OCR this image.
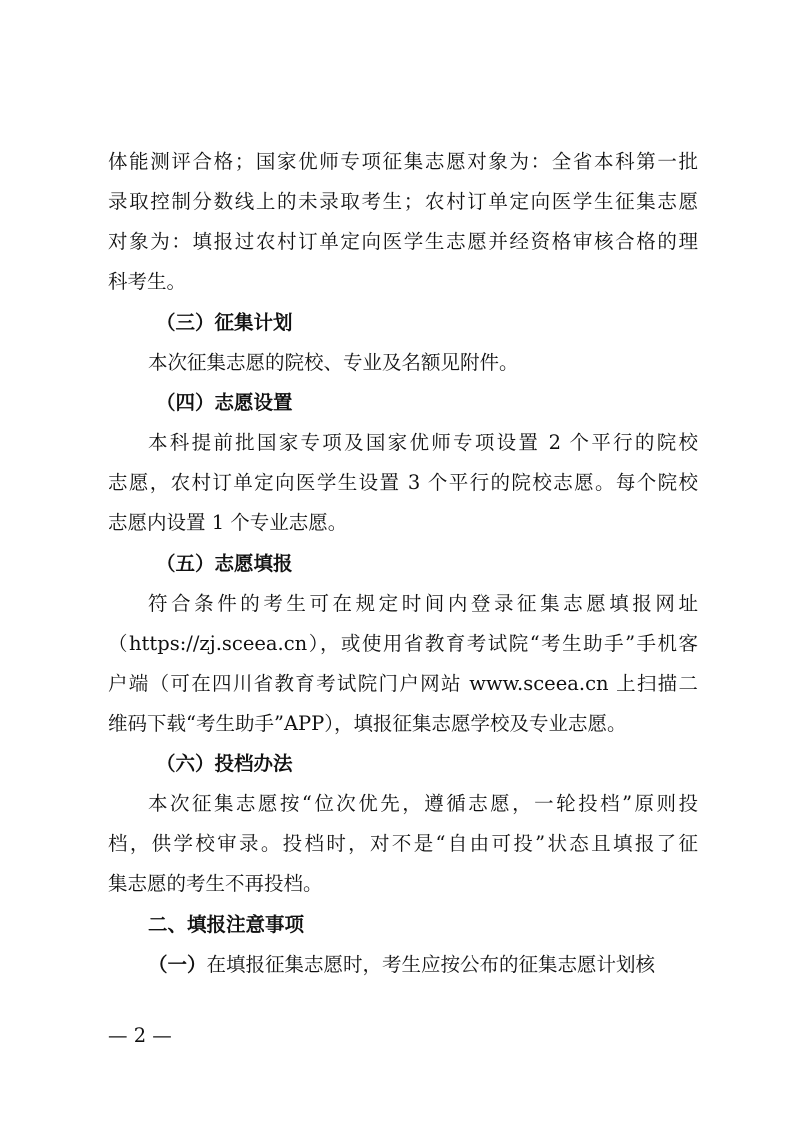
体能测评合格；国家优师专项征集志愿对象为：全省本科第一批
录取控制分数线上的未录取考生；农村订单定向医学生征集志愿
对象为：填报过农村订单定向医学生志愿并经资格审核合格的理
科考生。
（三）征集计划
本次征集志愿的院校、专业及名额见附件。
（四）志愿设置
本科提前批国家专项及国家优师专项设置 2 个平行的院校
志愿，农村订单定向医学生设置 3 个平行的院校志愿。每个院校
志愿内设置 1 个专业志愿。
（五）志愿填报
符合条件的考生可在规定时间内登录征集志愿填报网址
（https://zj.sceea.cn），或使用省教育考试院“考生助手”手机客
户端（可在四川省教育考试院门户网站 www.sceea.cn 上扫描二
维码下载“考生助手”APP），填报征集志愿学校及专业志愿。
（六）投档办法
本次征集志愿按“位次优先，遵循志愿，一轮投档”原则投
档，供学校审录。投档时，对不是“自由可投”状态且填报了征
集志愿的考生不再投档。
二、填报注意事项
（一）在填报征集志愿时，考生应按公布的征集志愿计划核
— 2 —
